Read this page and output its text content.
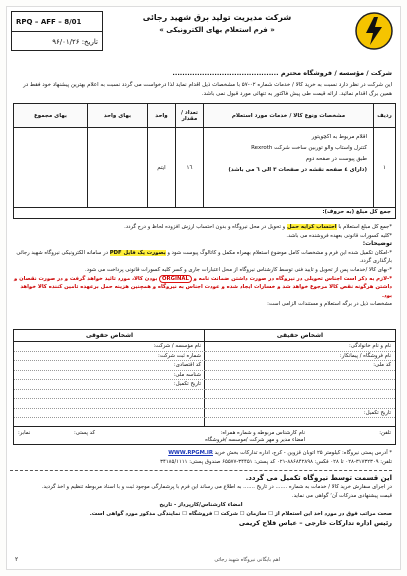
شرکت مدیریت تولید برق شهید رجائی
« فرم استعلام بهای الکترونیکی »
RPQ – AFF – 8/01
تاریخ: ۹۶/۰۱/۲۶
شرکت / مؤسسه / فروشگاه محترم ...........................................
این شرکت در نظر دارد نسبت به خرید کالا / خدمات شماره ۰۲-۵۷ با مشخصات ذیل اقدام نماید لذا درخواست می گردد نسبت به اعلام بهترین پیشنهاد خود فقط در همین برگ اقدام نمائید. ارائه قیمت طی پیش فاکتور به تنهائی مورد قبول نمی باشد.
ردیف	مشخصات ونوع کالا / خدمات مورد استعلام	تعداد / مقدار	واحد	بهای واحد	بهای مجموع
۱	اقلام مربوط به اکچویتور
کنترل واستاب والو توربین ساخت شرکت Rexroth
طبق پیوست در صفحه دوم
(دارای ٤ صفحه نقشه در صفحات ۳ الی ٦ می باشد)	١٦	ایتم		
جمع كل مبلغ (به حروف):
*جمع کل مبلغ استعلام با احتساب کرایه حمل و تحویل در محل نیروگاه و بدون احتساب ارزش افزوده لحاظ و درج گردد.
*کلیه کسورات قانونی بعهده فروشنده می باشد.
توضیحات:
*-امکان تکمیل شده این فرم و مشخصات کامل موضوع استعلام بهمراه مکمل و کاتالوگ پیوست شود و بصورت یک فایل PDF در سامانه الکترونیکی نیروگاه شهید رجائی بارگذاری گردد.
*-بهای کالا /خدمات پس از تحویل و تایید فنی توسط کارشناس نیروگاه از محل اعتبارات جاری و کسر کلیه کسورات قانونی پرداخت می شود.
*-لازم به ذکر است اجناس تحویلی در نیروگاه در صورت داشتن ضمانت نامه و ORGINAL بودن کالا، مورد تائید خواهد گرفت و در صورت نقصان و داشتن هرگونه نقص کالا مرجوع خواهد شد و خسارات ایجاد شده و عودت اجناس به نیروگاه و همچنین هزینه حمل برعهده تامین کننده کالا خواهد بود.
مشخصات ذیل در برگه استعلام و مستندات الزامی است:
اشخاص حقیقی
نام و نام خانوادگی:
نام فروشگاه / پیمانکار:
کد ملی:
تاریخ تکمیل:
اشخاص حقوقی
نام مؤسسه / شرکت:
شماره ثبت شرکت:
کد اقتصادی:
شناسه ملی:
تاریخ تکمیل:
تلفن:
نام کارشناس مربوطه و شماره همراه:
کد پستی:
نمابر:
امضاء مدیر و مهر شرکت /موسسه /فروشگاه
* آدرس پستی نیروگاه: کیلومتر ۲۵ اتوبان قزوین - کرج، اداره تدارکات بخش خرید WWW.RPGM.IR
تلفن: ۳۱۷۳۲۳۰۹-۰۲۸ تا ۰۲۸ فکس: ۸۸۶۸۴۲۸۹۸-۰۲۱ کد پستی: ۳۴۴۵۱-۶۵۵۷۷ صندوق پستی: ۳۴۱۸۵/۱۱۱۱
این قسمت توسط نیروگاه تکمیل می گردد.
در اجرای سفارش خرید کالا / خدمات به شماره ....... در تاریخ ....... به اطلاع می رساند این فرم با پرشمارگی موجود ثبت و با اسناد مربوطه تنظیم و اخذ گردید.
قیمت پیشنهادی مدرکات آن٬ گواهی می نماید.
امضاء کارشناس/کارپرداز - تاریخ
صحت مراتب فوق در مورد اخذ این استعلام از ☐ سازمان ☐ شرکت ☐ فروشگاه ☐ نمایندگی مذکور مورد گواهی است.
رئیس اداره تدارکات خارجی – عباس قلاح کریمی
اهم بایگانی نیروگاه شهید رجائی
۲
